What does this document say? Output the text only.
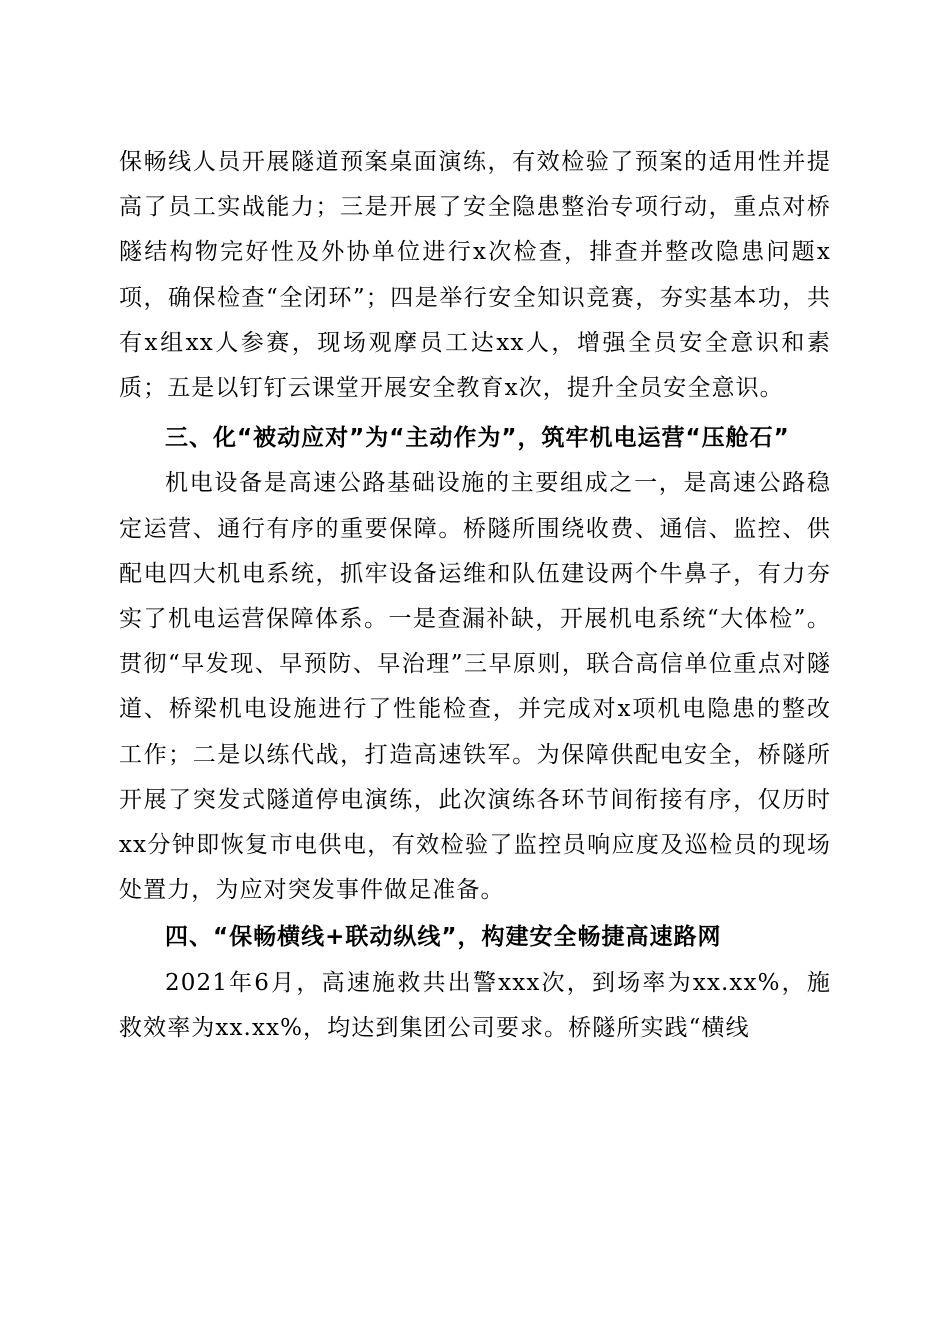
保畅线人员开展隧道预案桌面演练，有效检验了预案的适用性并提高了员工实战能力；三是开展了安全隐患整治专项行动，重点对桥隧结构物完好性及外协单位进行x次检查，排查并整改隐患问题x项，确保检查“全闭环”；四是举行安全知识竞赛，夯实基本功，共有x组xx人参赛，现场观摩员工达xx人，增强全员安全意识和素质；五是以钉钉云课堂开展安全教育x次，提升全员安全意识。

三、化“被动应对”为“主动作为”，筑牢机电运营“压舱石”

机电设备是高速公路基础设施的主要组成之一，是高速公路稳定运营、通行有序的重要保障。桥隧所围绕收费、通信、监控、供配电四大机电系统，抓牢设备运维和队伍建设两个牛鼻子，有力夯实了机电运营保障体系。一是查漏补缺，开展机电系统“大体检”。贯彻“早发现、早预防、早治理”三早原则，联合高信单位重点对隧道、桥梁机电设施进行了性能检查，并完成对x项机电隐患的整改工作；二是以练代战，打造高速铁军。为保障供配电安全，桥隧所开展了突发式隧道停电演练，此次演练各环节间衔接有序，仅历时xx分钟即恢复市电供电，有效检验了监控员响应度及巡检员的现场处置力，为应对突发事件做足准备。

四、“保畅横线+联动纵线”，构建安全畅捷高速路网

2021年6月，高速施救共出警xxx次，到场率为xx.xx%，施救效率为xx.xx%，均达到集团公司要求。桥隧所实践“横线
